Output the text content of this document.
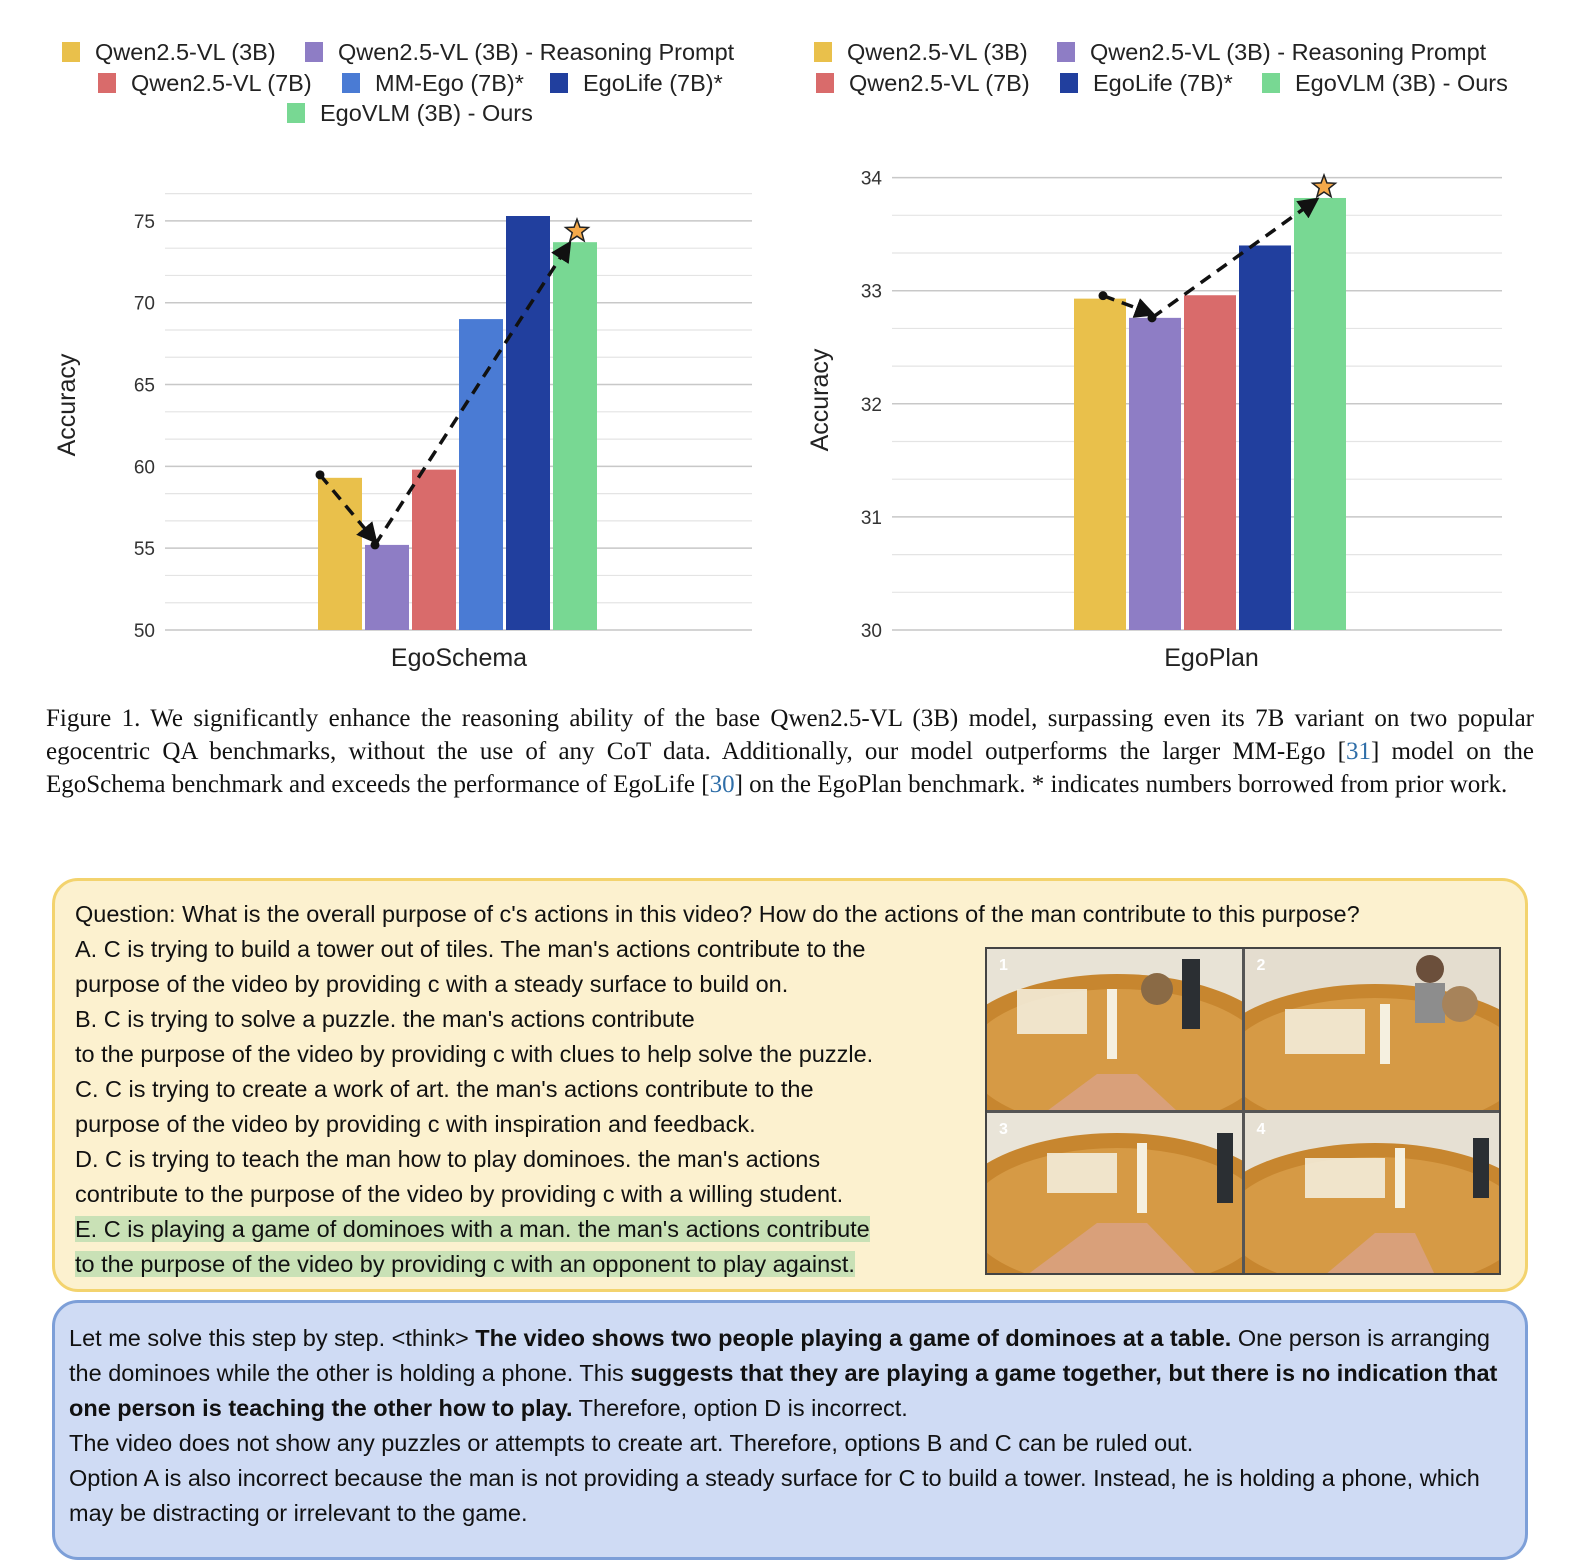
50
55
60
65
70
75
Qwen2.5-VL (3B)	Qwen2.5-VL (3B) - Reasoning Prompt
Qwen2.5-VL (7B)	MM-Ego (7B)*	EgoLife (7B)*
EgoVLM (3B) - Ours
Accuracy
EgoSchema
30
31
32
33
34
Qwen2.5-VL (3B)	Qwen2.5-VL (3B) - Reasoning Prompt
Qwen2.5-VL (7B)	EgoLife (7B)*	EgoVLM (3B) - Ours
Accuracy
EgoPlan
Figure 1. We significantly enhance the reasoning ability of the base Qwen2.5-VL (3B) model, surpassing even its 7B variant on two popular egocentric QA benchmarks, without the use of any CoT data. Additionally, our model outperforms the larger MM-Ego [31] model on the EgoSchema benchmark and exceeds the performance of EgoLife [30] on the EgoPlan benchmark. * indicates numbers borrowed from prior work.
Question: What is the overall purpose of c's actions in this video? How do the actions of the man contribute to this purpose?
A. C is trying to build a tower out of tiles. The man's actions contribute to the
purpose of the video by providing c with a steady surface to build on.
B. C is trying to solve a puzzle. the man's actions contribute
to the purpose of the video by providing c with clues to help solve the puzzle.
C. C is trying to create a work of art. the man's actions contribute to the
purpose of the video by providing c with inspiration and feedback.
D. C is trying to teach the man how to play dominoes. the man's actions
contribute to the purpose of the video by providing c with a willing student.
E. C is playing a game of dominoes with a man. the man's actions contribute
to the purpose of the video by providing c with an opponent to play against.
1	2
3	4
Let me solve this step by step. <think> The video shows two people playing a game of dominoes at a table. One person is arranging the dominoes while the other is holding a phone. This suggests that they are playing a game together, but there is no indication that one person is teaching the other how to play. Therefore, option D is incorrect.
The video does not show any puzzles or attempts to create art. Therefore, options B and C can be ruled out.
Option A is also incorrect because the man is not providing a steady surface for C to build a tower. Instead, he is holding a phone, which may be distracting or irrelevant to the game.
